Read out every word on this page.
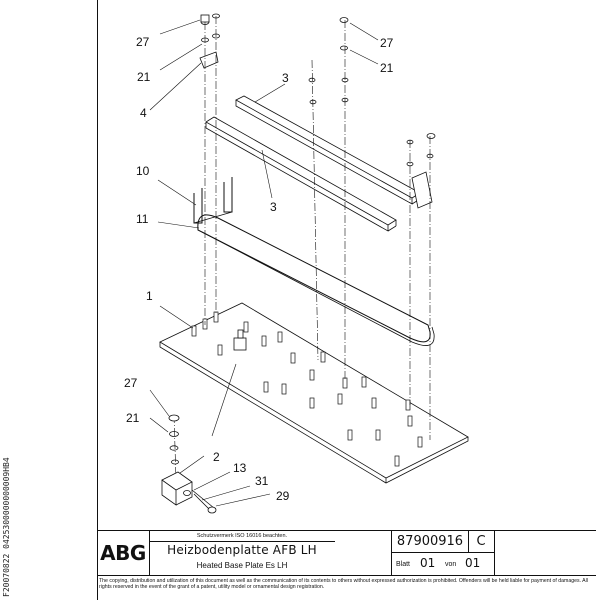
F20070822 0425300000000009HB4
27
21
4
27
21
3
3
10
11
1
27
21
2
13
31
29
ABG
Schutzvermerk ISO 16016 beachten.
Heizbodenplatte AFB LH
Heated Base Plate Es LH
87900916	C
Blatt 01 von 01
The copying, distribution and utilization of this document as well as the communication of its contents to others without expressed authorization is prohibited. Offenders will be held liable for payment of damages. All rights reserved in the event of the grant of a patent, utility model or ornamental design registration.
